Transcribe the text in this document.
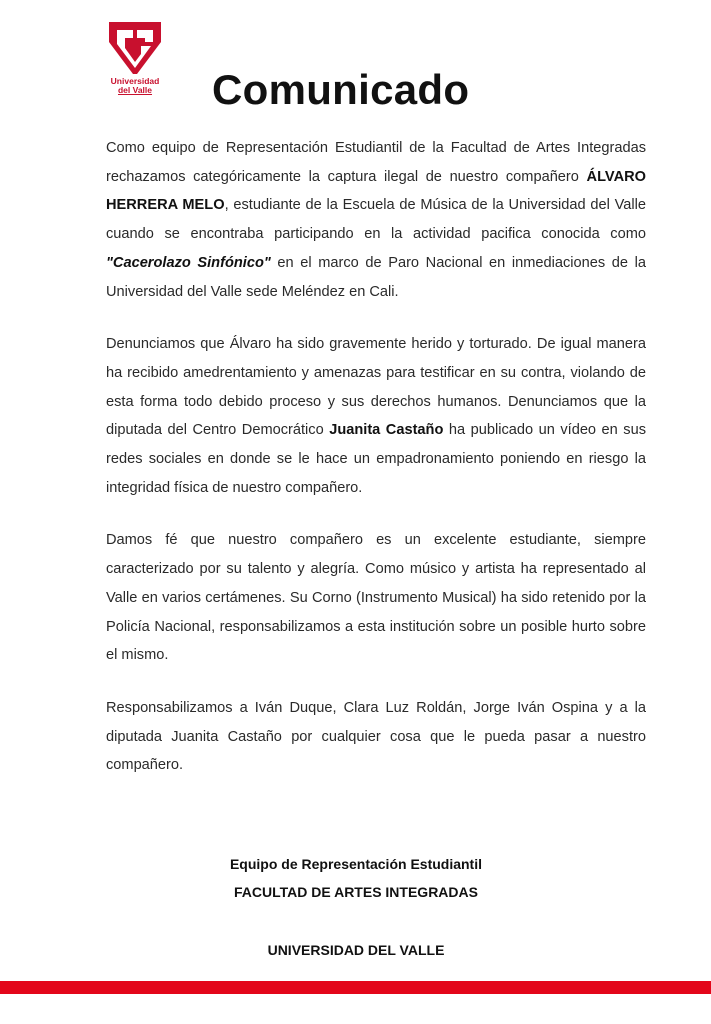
Universidad
del Valle	Comunicado

Como equipo de Representación Estudiantil de la Facultad de Artes Integradas rechazamos categóricamente la captura ilegal de nuestro compañero ÁLVARO HERRERA MELO, estudiante de la Escuela de Música de la Universidad del Valle cuando se encontraba participando en la actividad pacifica conocida como "Cacerolazo Sinfónico" en el marco de Paro Nacional en inmediaciones de la Universidad del Valle sede Meléndez en Cali.

Denunciamos que Álvaro ha sido gravemente herido y torturado. De igual manera ha recibido amedrentamiento y amenazas para testificar en su contra, violando de esta forma todo debido proceso y sus derechos humanos. Denunciamos que la diputada del Centro Democrático Juanita Castaño ha publicado un vídeo en sus redes sociales en donde se le hace un empadronamiento poniendo en riesgo la integridad física de nuestro compañero.

Damos fé que nuestro compañero es un excelente estudiante, siempre caracterizado por su talento y alegría. Como músico y artista ha representado al Valle en varios certámenes. Su Corno (Instrumento Musical) ha sido retenido por la Policía Nacional, responsabilizamos a esta institución sobre un posible hurto sobre el mismo.

Responsabilizamos a Iván Duque, Clara Luz Roldán, Jorge Iván Ospina y a la diputada Juanita Castaño por cualquier cosa que le pueda pasar a nuestro compañero.

Equipo de Representación Estudiantil
FACULTAD DE ARTES INTEGRADAS
UNIVERSIDAD DEL VALLE
